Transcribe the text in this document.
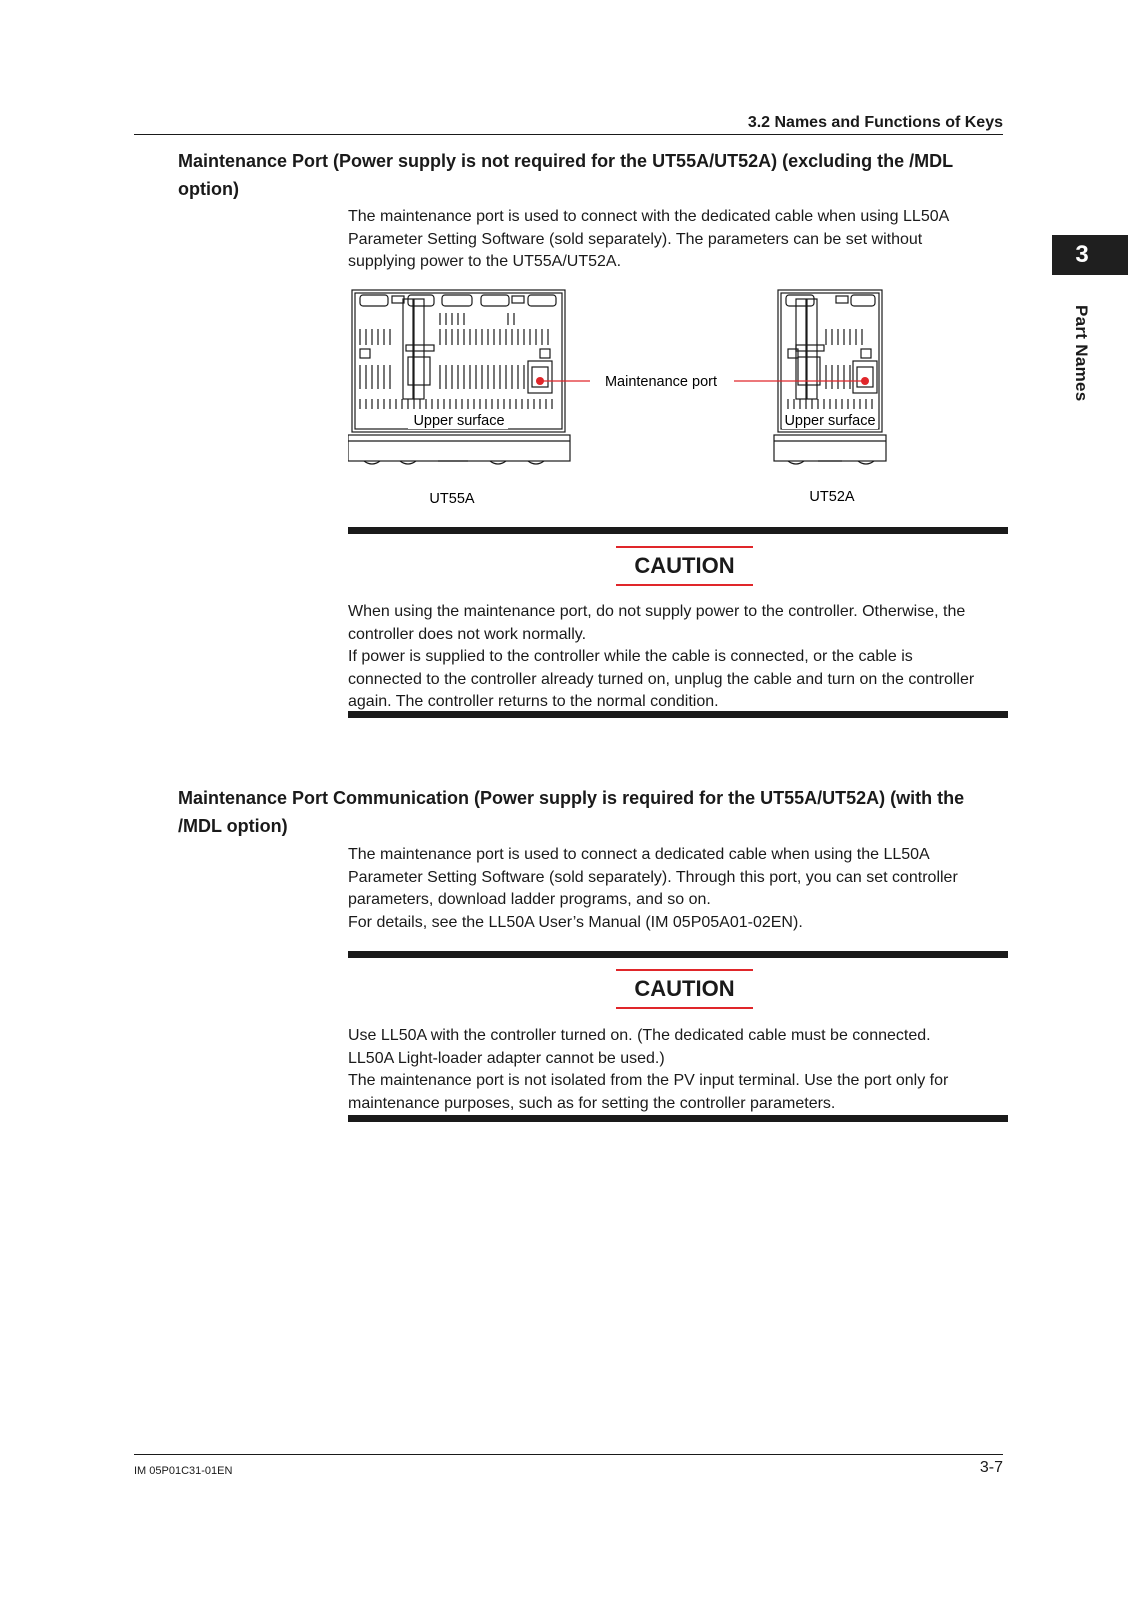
3.2 Names and Functions of Keys
3
Part Names
Maintenance Port (Power supply is not required for the UT55A/UT52A) (excluding the /MDL
option)

The maintenance port is used to connect with the dedicated cable when using LL50A
Parameter Setting Software (sold separately). The parameters can be set without
supplying power to the UT55A/UT52A.

Upper surface	Upper surface
Maintenance port
UT55A	UT52A
CAUTION

When using the maintenance port, do not supply power to the controller. Otherwise, the
controller does not work normally.
If power is supplied to the controller while the cable is connected, or the cable is
connected to the controller already turned on, unplug the cable and turn on the controller
again. The controller returns to the normal condition.

Maintenance Port Communication (Power supply is required for the UT55A/UT52A) (with the
/MDL option)

The maintenance port is used to connect a dedicated cable when using the LL50A
Parameter Setting Software (sold separately). Through this port, you can set controller
parameters, download ladder programs, and so on.
For details, see the LL50A User’s Manual (IM 05P05A01-02EN).

CAUTION

Use LL50A with the controller turned on. (The dedicated cable must be connected.
LL50A Light-loader adapter cannot be used.)
The maintenance port is not isolated from the PV input terminal. Use the port only for
maintenance purposes, such as for setting the controller parameters.

IM 05P01C31-01EN	3-7
